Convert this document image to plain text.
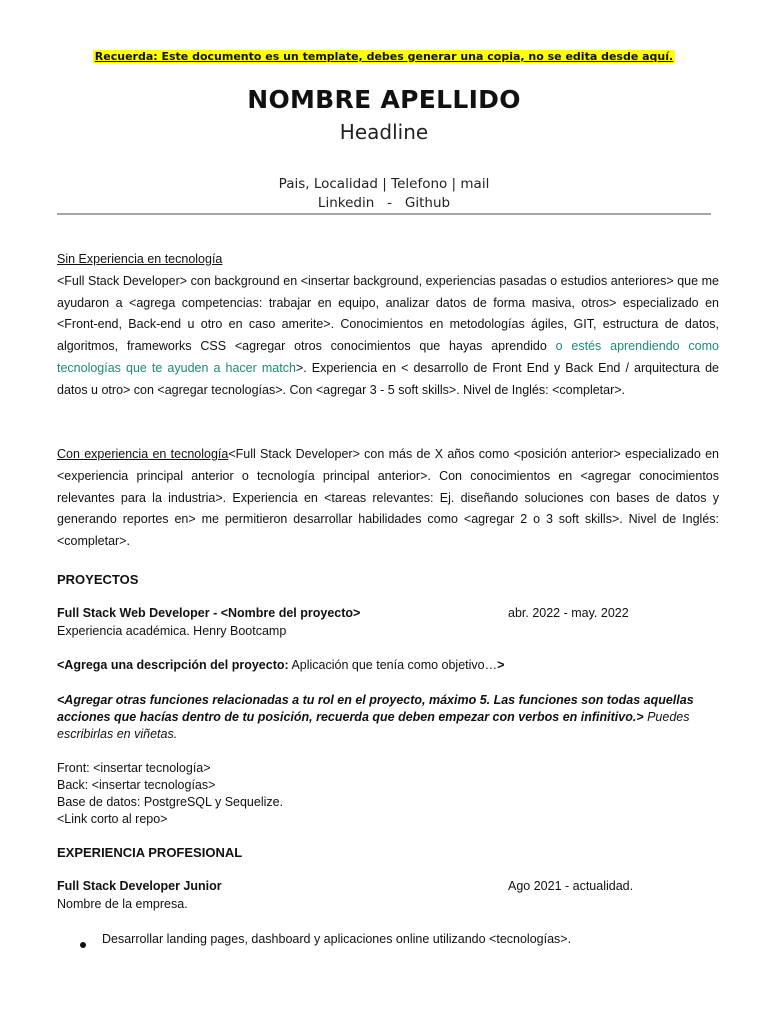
Recuerda: Este documento es un template, debes generar una copia, no se edita desde aquí.
NOMBRE APELLIDO
Headline
Pais, Localidad | Telefono | mail
Linkedin   -   Github
Sin Experiencia en tecnología
<Full Stack Developer> con background en <insertar background, experiencias pasadas o estudios anteriores> que me ayudaron a <agrega competencias: trabajar en equipo, analizar datos de forma masiva, otros> especializado en <Front-end, Back-end u otro en caso amerite>. Conocimientos en metodologías ágiles, GIT, estructura de datos, algoritmos, frameworks CSS <agregar otros conocimientos que hayas aprendido o estés aprendiendo como tecnologías que te ayuden a hacer match>. Experiencia en < desarrollo de Front End y Back End / arquitectura de datos u otro> con <agregar tecnologías>. Con <agregar 3 - 5 soft skills>. Nivel de Inglés: <completar>.
Con experiencia en tecnología<Full Stack Developer> con más de X años como <posición anterior> especializado en <experiencia principal anterior o tecnología principal anterior>. Con conocimientos en <agregar conocimientos relevantes para la industria>. Experiencia en <tareas relevantes: Ej. diseñando soluciones con bases de datos y generando reportes en> me permitieron desarrollar habilidades como <agregar 2 o 3 soft skills>. Nivel de Inglés: <completar>.
PROYECTOS
Full Stack Web Developer - <Nombre del proyecto>	abr. 2022 - may. 2022
Experiencia académica. Henry Bootcamp
<Agrega una descripción del proyecto: Aplicación que tenía como objetivo…>
<Agregar otras funciones relacionadas a tu rol en el proyecto, máximo 5. Las funciones son todas aquellas acciones que hacías dentro de tu posición, recuerda que deben empezar con verbos en infinitivo.> Puedes escribirlas en viñetas.
Front: <insertar tecnología>
Back: <insertar tecnologías>
Base de datos: PostgreSQL y Sequelize.
<Link corto al repo>
EXPERIENCIA PROFESIONAL
Full Stack Developer Junior	Ago 2021 - actualidad.
Nombre de la empresa.
Desarrollar landing pages, dashboard y aplicaciones online utilizando <tecnologías>.
